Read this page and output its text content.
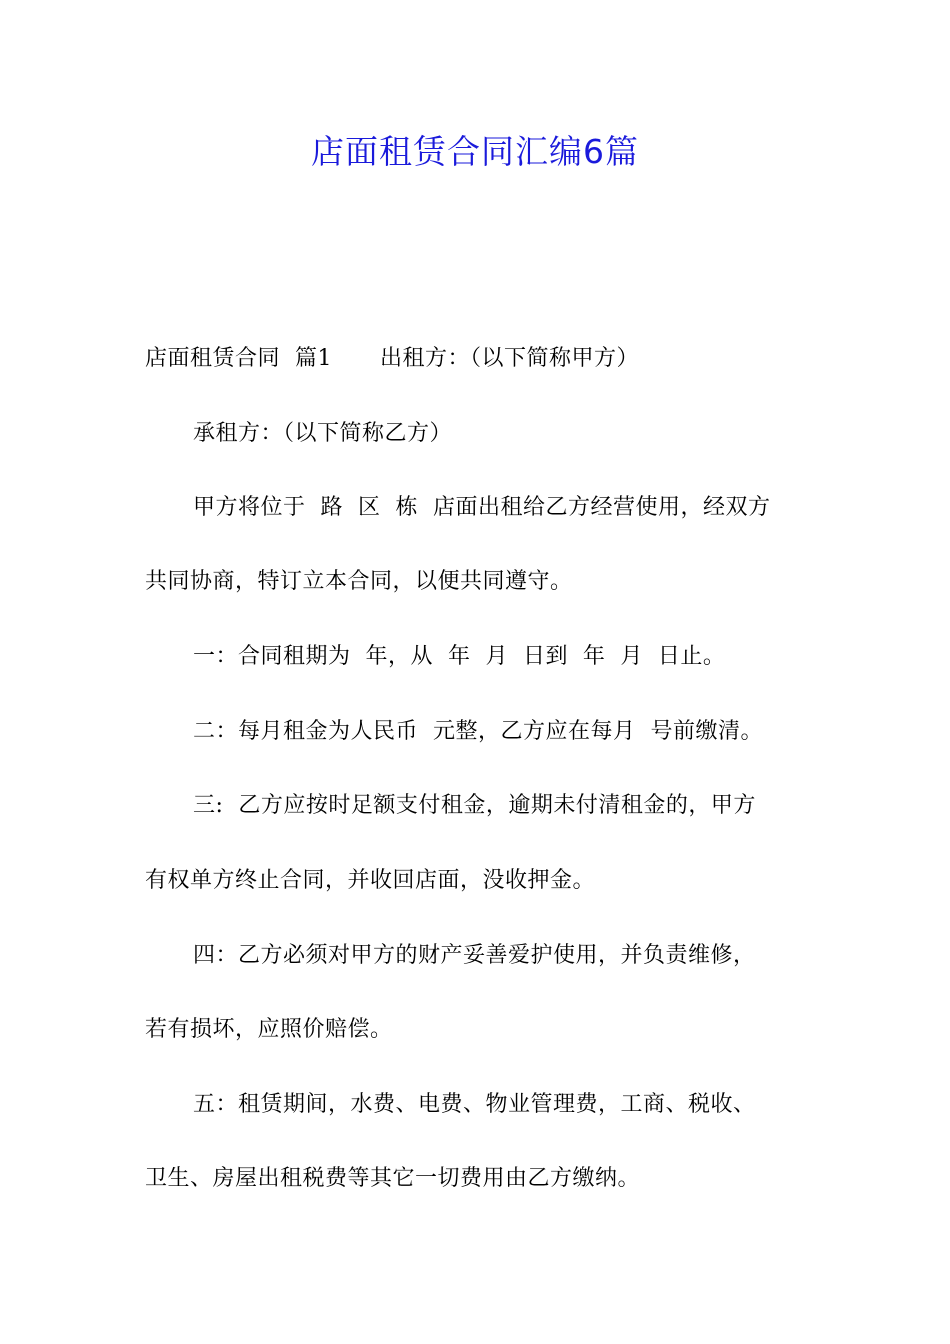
店面租赁合同汇编6篇
店面租赁合同  篇1 出租方：（以下简称甲方）
承租方：（以下简称乙方）
甲方将位于  路  区  栋  店面出租给乙方经营使用，经双方
共同协商，特订立本合同，以便共同遵守。
一：合同租期为  年，从  年  月  日到  年  月  日止。
二：每月租金为人民币  元整，乙方应在每月  号前缴清。
三:  乙方应按时足额支付租金，逾期未付清租金的，甲方
有权单方终止合同，并收回店面，没收押金。
四：乙方必须对甲方的财产妥善爱护使用，并负责维修，
若有损坏，应照价赔偿。
五：租赁期间，水费、电费、物业管理费，工商、税收、
卫生、房屋出租税费等其它一切费用由乙方缴纳。
